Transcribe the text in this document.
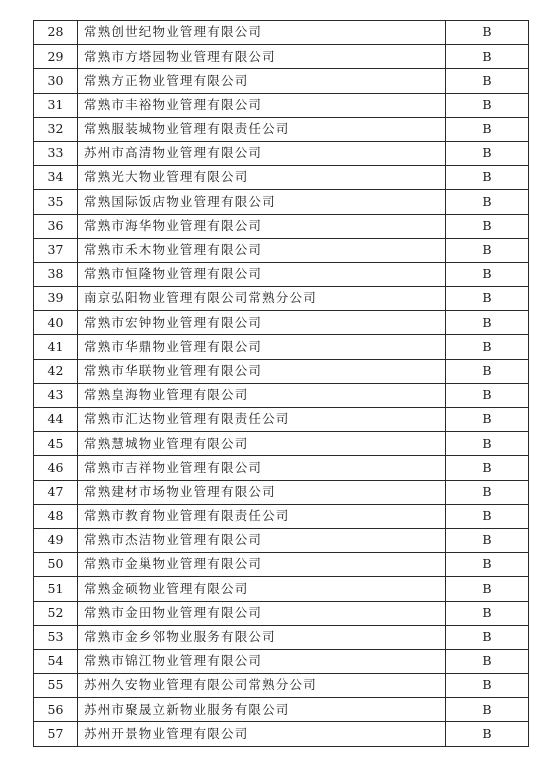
28	常熟创世纪物业管理有限公司	B
29	常熟市方塔园物业管理有限公司	B
30	常熟方正物业管理有限公司	B
31	常熟市丰裕物业管理有限公司	B
32	常熟服装城物业管理有限责任公司	B
33	苏州市高清物业管理有限公司	B
34	常熟光大物业管理有限公司	B
35	常熟国际饭店物业管理有限公司	B
36	常熟市海华物业管理有限公司	B
37	常熟市禾木物业管理有限公司	B
38	常熟市恒隆物业管理有限公司	B
39	南京弘阳物业管理有限公司常熟分公司	B
40	常熟市宏钟物业管理有限公司	B
41	常熟市华鼎物业管理有限公司	B
42	常熟市华联物业管理有限公司	B
43	常熟皇海物业管理有限公司	B
44	常熟市汇达物业管理有限责任公司	B
45	常熟慧城物业管理有限公司	B
46	常熟市吉祥物业管理有限公司	B
47	常熟建材市场物业管理有限公司	B
48	常熟市教育物业管理有限责任公司	B
49	常熟市杰洁物业管理有限公司	B
50	常熟市金巢物业管理有限公司	B
51	常熟金硕物业管理有限公司	B
52	常熟市金田物业管理有限公司	B
53	常熟市金乡邻物业服务有限公司	B
54	常熟市锦江物业管理有限公司	B
55	苏州久安物业管理有限公司常熟分公司	B
56	苏州市聚晟立新物业服务有限公司	B
57	苏州开景物业管理有限公司	B
